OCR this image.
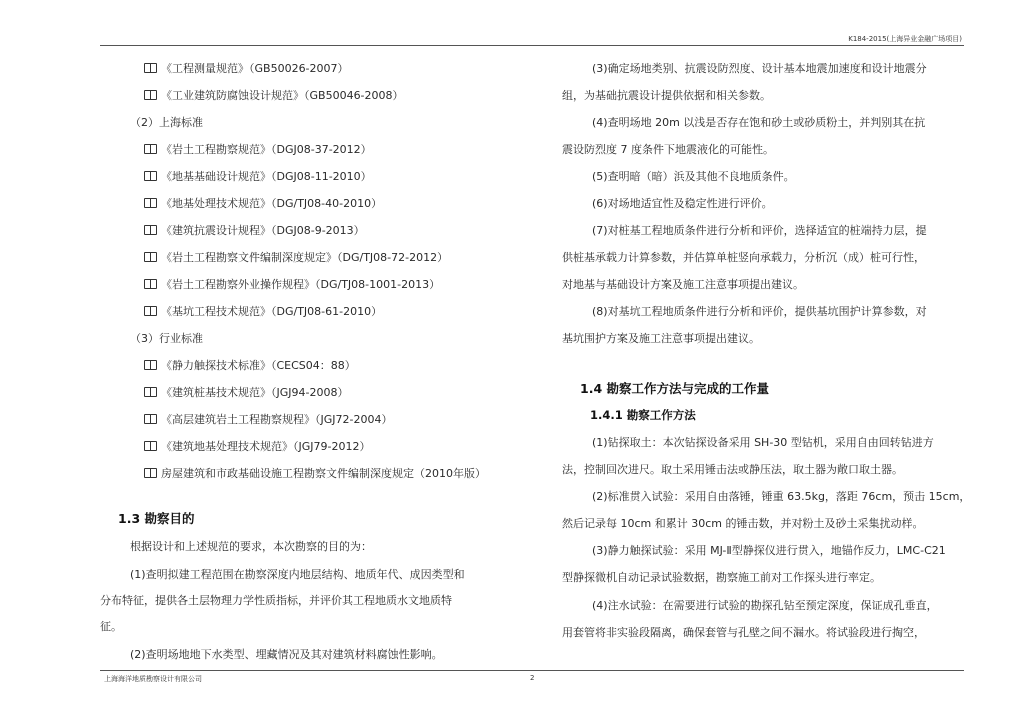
K184-2015(上海异业金融广场项目)
《工程测量规范》（GB50026-2007）
《工业建筑防腐蚀设计规范》（GB50046-2008）
（2）上海标准
《岩土工程勘察规范》（DGJ08-37-2012）
《地基基础设计规范》（DGJ08-11-2010）
《地基处理技术规范》（DG/TJ08-40-2010）
《建筑抗震设计规程》（DGJ08-9-2013）
《岩土工程勘察文件编制深度规定》（DG/TJ08-72-2012）
《岩土工程勘察外业操作规程》（DG/TJ08-1001-2013）
《基坑工程技术规范》（DG/TJ08-61-2010）
（3）行业标准
《静力触探技术标准》（CECS04：88）
《建筑桩基技术规范》（JGJ94-2008）
《高层建筑岩土工程勘察规程》（JGJ72-2004）
《建筑地基处理技术规范》（JGJ79-2012）
房屋建筑和市政基础设施工程勘察文件编制深度规定（2010年版）
1.3 勘察目的
根据设计和上述规范的要求，本次勘察的目的为：
(1)查明拟建工程范围在勘察深度内地层结构、地质年代、成因类型和
分布特征，提供各土层物理力学性质指标，并评价其工程地质水文地质特
征。
(2)查明场地地下水类型、埋藏情况及其对建筑材料腐蚀性影响。
(3)确定场地类别、抗震设防烈度、设计基本地震加速度和设计地震分
组，为基础抗震设计提供依据和相关参数。
(4)查明场地 20m 以浅是否存在饱和砂土或砂质粉土，并判别其在抗
震设防烈度 7 度条件下地震液化的可能性。
(5)查明暗（暗）浜及其他不良地质条件。
(6)对场地适宜性及稳定性进行评价。
(7)对桩基工程地质条件进行分析和评价，选择适宜的桩端持力层，提
供桩基承载力计算参数，并估算单桩竖向承载力，分析沉（成）桩可行性，
对地基与基础设计方案及施工注意事项提出建议。
(8)对基坑工程地质条件进行分析和评价，提供基坑围护计算参数，对
基坑围护方案及施工注意事项提出建议。
1.4 勘察工作方法与完成的工作量
1.4.1 勘察工作方法
(1)钻探取土：本次钻探设备采用 SH-30 型钻机，采用自由回转钻进方
法，控制回次进尺。取土采用锤击法或静压法，取土器为敞口取土器。
(2)标准贯入试验：采用自由落锤，锤重 63.5kg，落距 76cm，预击 15cm，
然后记录每 10cm 和累计 30cm 的锤击数，并对粉土及砂土采集扰动样。
(3)静力触探试验：采用 MJ-Ⅱ型静探仪进行贯入，地锚作反力，LMC-C21
型静探微机自动记录试验数据，勘察施工前对工作探头进行率定。
(4)注水试验：在需要进行试验的勘探孔钻至预定深度，保证成孔垂直，
用套管将非实验段隔离，确保套管与孔壁之间不漏水。将试验段进行掏空，
上海海洋地质勘察设计有限公司	2
